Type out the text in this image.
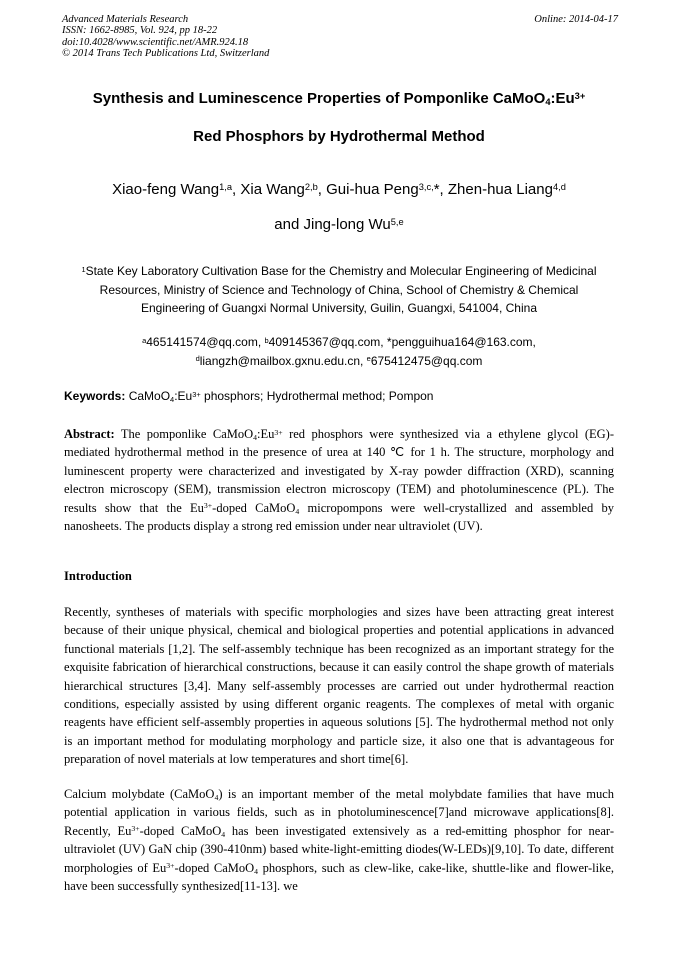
Advanced Materials Research
ISSN: 1662-8985, Vol. 924, pp 18-22
doi:10.4028/www.scientific.net/AMR.924.18
© 2014 Trans Tech Publications Ltd, Switzerland
Online: 2014-04-17
Synthesis and Luminescence Properties of Pomponlike $CaMoO_4:Eu^{3+}$
Red Phosphors by Hydrothermal Method
Xiao-feng Wang$^{1,a}$, Xia Wang$^{2,b}$, Gui-hua Peng$^{3,c,}$*, Zhen-hua Liang$^{4,d}$
and Jing-long Wu$^{5,e}$
$^1$State Key Laboratory Cultivation Base for the Chemistry and Molecular Engineering of Medicinal
Resources, Ministry of Science and Technology of China, School of Chemistry & Chemical
Engineering of Guangxi Normal University, Guilin, Guangxi, 541004, China
$^a$465141574@qq.com, $^b$409145367@qq.com, *pengguihua164@163.com,
$^d$liangzh@mailbox.gxnu.edu.cn, $^e$675412475@qq.com
Keywords: $CaMoO_4:Eu^{3+}$ phosphors; Hydrothermal method; Pompon
Abstract: The pomponlike $CaMoO_4:Eu^{3+}$ red phosphors were synthesized via a ethylene glycol (EG)-mediated hydrothermal method in the presence of urea at 140 ℃ for 1 h. The structure, morphology and luminescent property were characterized and investigated by X-ray powder diffraction (XRD), scanning electron microscopy (SEM), transmission electron microscopy (TEM) and photoluminescence (PL). The results show that the $Eu^{3+}$-doped CaMoO$_4$ micropompons were well-crystallized and assembled by nanosheets. The products display a strong red emission under near ultraviolet (UV).
Introduction
Recently, syntheses of materials with specific morphologies and sizes have been attracting great interest because of their unique physical, chemical and biological properties and potential applications in advanced functional materials [1,2]. The self-assembly technique has been recognized as an important strategy for the exquisite fabrication of hierarchical constructions, because it can easily control the shape growth of materials hierarchical structures [3,4]. Many self-assembly processes are carried out under hydrothermal reaction conditions, especially assisted by using different organic reagents. The complexes of metal with organic reagents have efficient self-assembly properties in aqueous solutions [5]. The hydrothermal method not only is an important method for modulating morphology and particle size, it also one that is advantageous for preparation of novel materials at low temperatures and short time[6].
Calcium molybdate (CaMoO$_4$) is an important member of the metal molybdate families that have much potential application in various fields, such as in photoluminescence[7]and microwave applications[8]. Recently, $Eu^{3+}$-doped CaMoO$_4$ has been investigated extensively as a red-emitting phosphor for near-ultraviolet (UV) GaN chip (390-410nm) based white-light-emitting diodes(W-LEDs)[9,10]. To date, different morphologies of $Eu^{3+}$-doped CaMoO$_4$ phosphors, such as clew-like, cake-like, shuttle-like and flower-like, have been successfully synthesized[11-13]. we
